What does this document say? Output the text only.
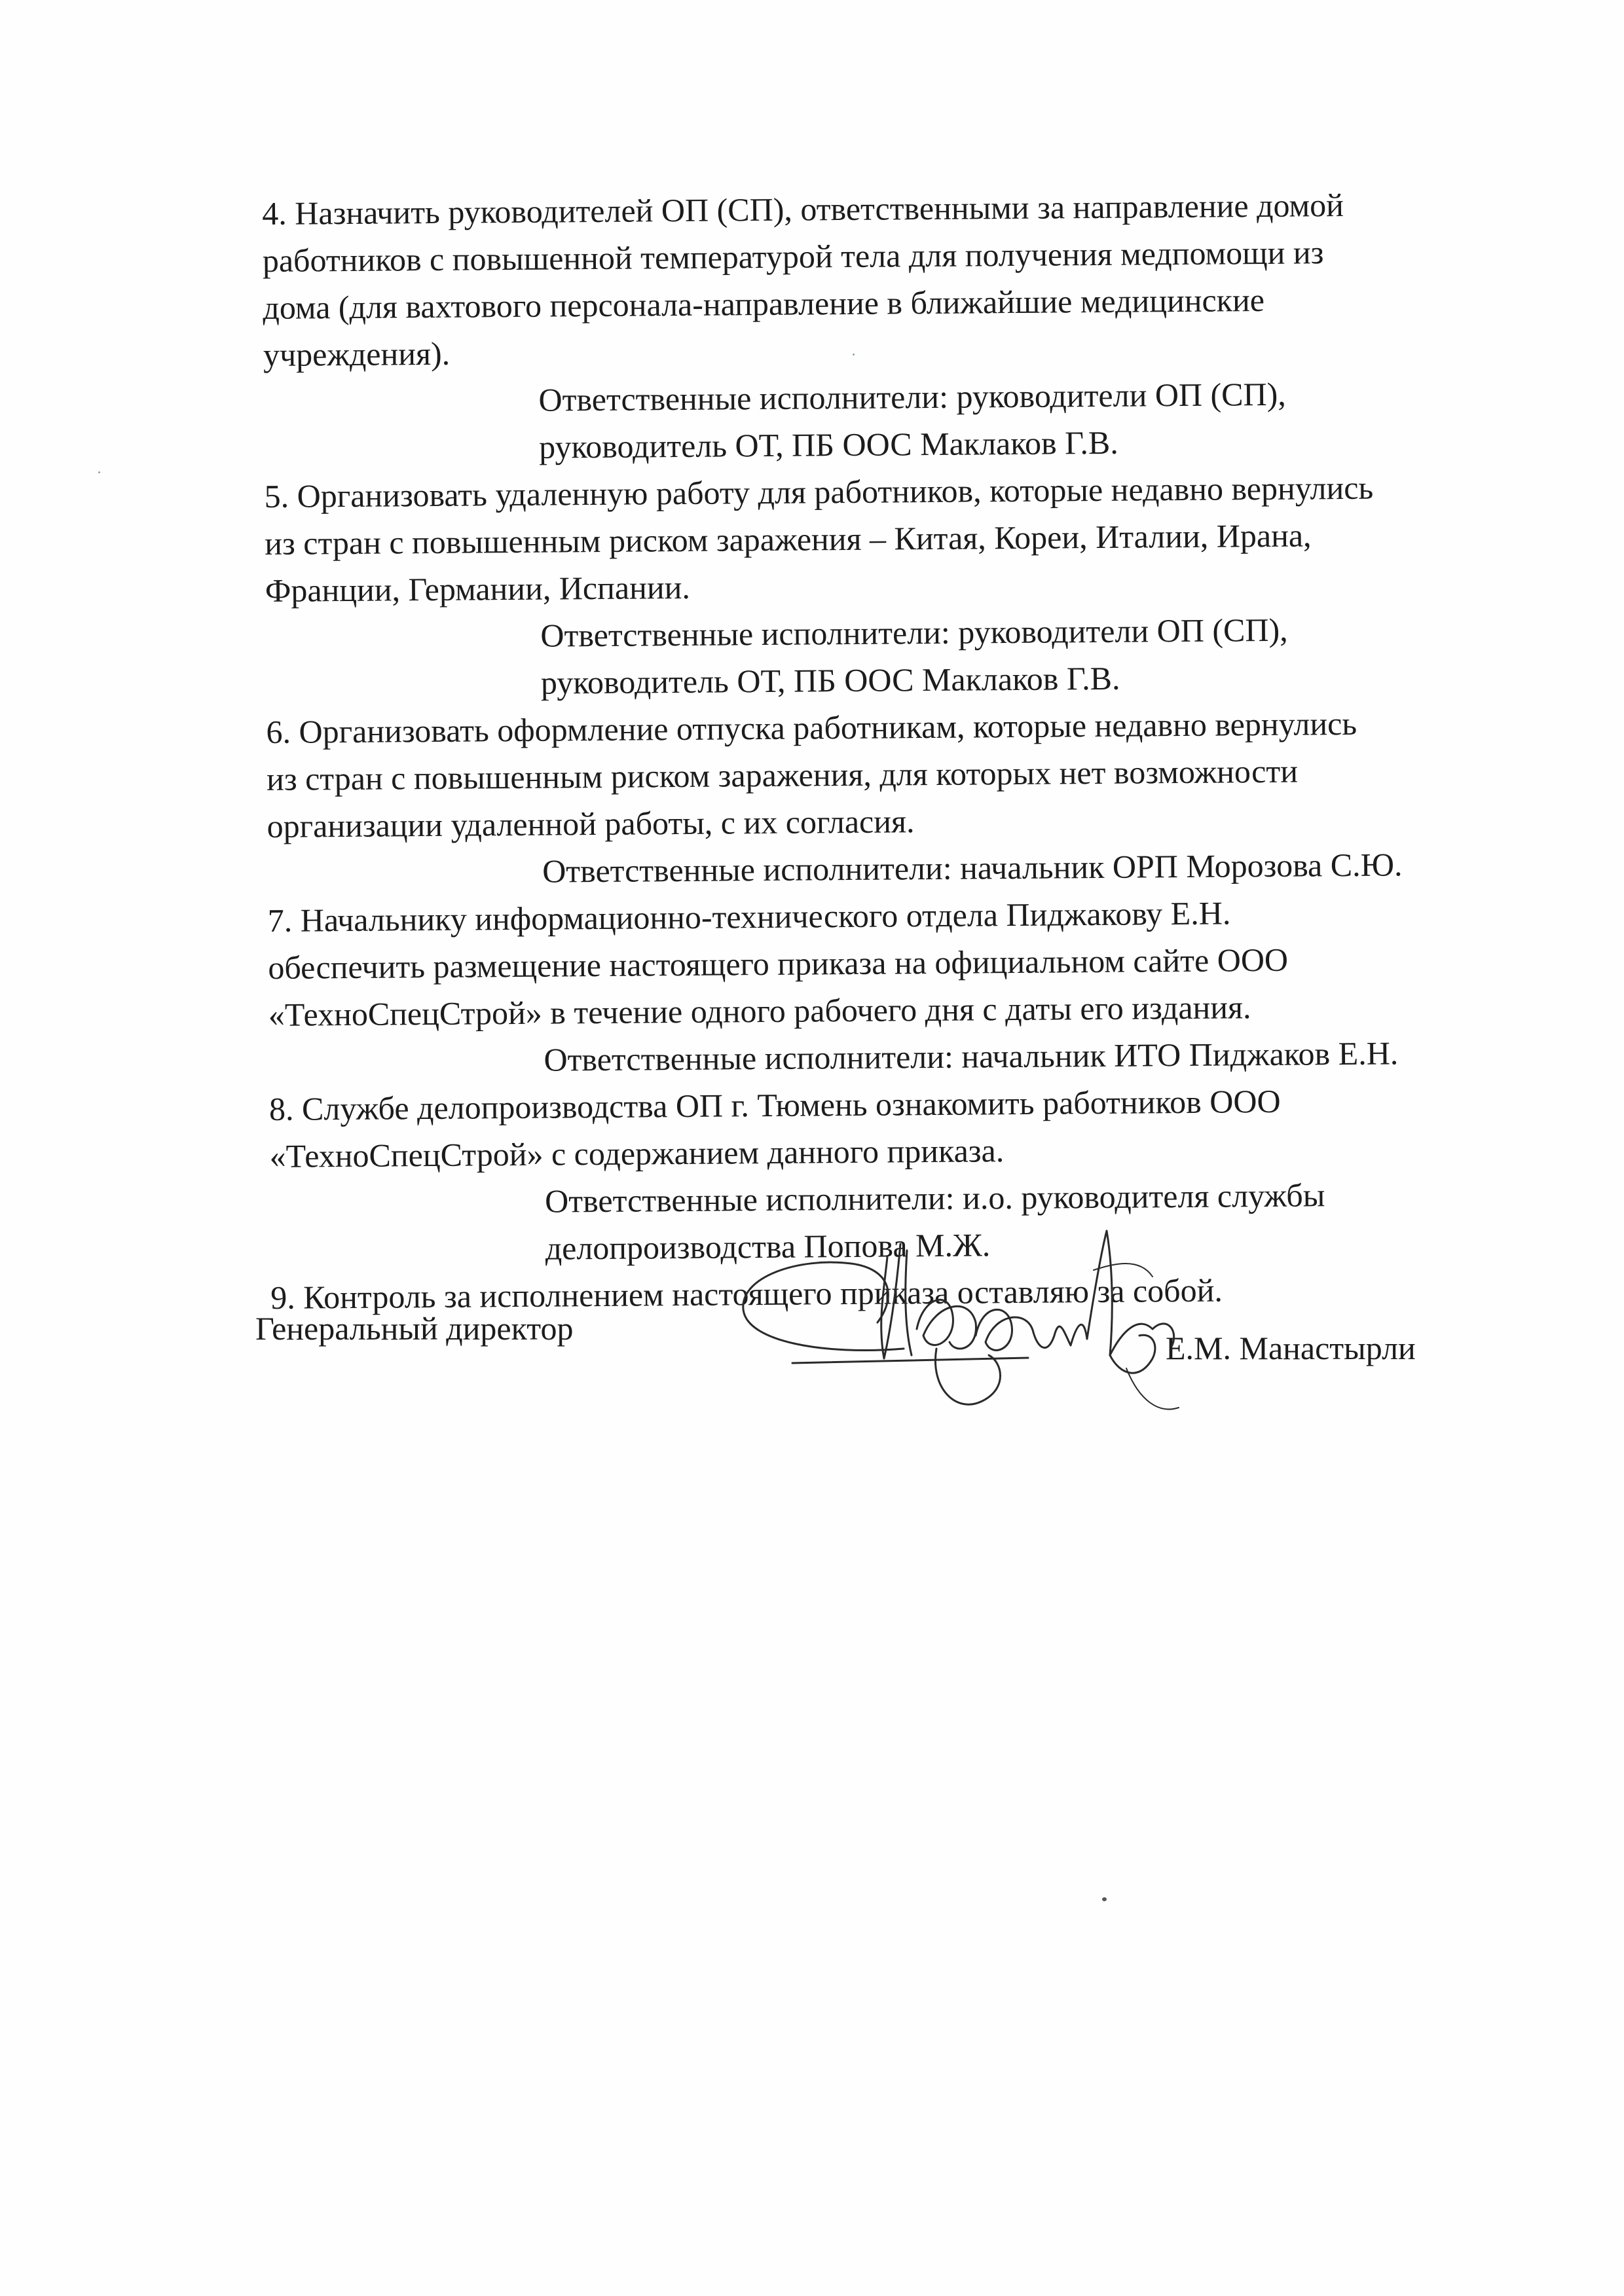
4. Назначить руководителей ОП (СП), ответственными за направление домой
работников с повышенной температурой тела для получения медпомощи из
дома (для вахтового персонала-направление в ближайшие медицинские
учреждения).

Ответственные исполнители: руководители ОП (СП),
руководитель ОТ, ПБ ООС Маклаков Г.В.

5. Организовать удаленную работу для работников, которые недавно вернулись
из стран с повышенным риском заражения – Китая, Кореи, Италии, Ирана,
Франции, Германии, Испании.

Ответственные исполнители: руководители ОП (СП),
руководитель ОТ, ПБ ООС Маклаков Г.В.

6. Организовать оформление отпуска работникам, которые недавно вернулись
из стран с повышенным риском заражения, для которых нет возможности
организации удаленной работы, с их согласия.

Ответственные исполнители: начальник ОРП Морозова С.Ю.

7. Начальнику информационно-технического отдела Пиджакову Е.Н.
обеспечить размещение настоящего приказа на официальном сайте ООО
«ТехноСпецСтрой» в течение одного рабочего дня с даты его издания.

Ответственные исполнители: начальник ИТО Пиджаков Е.Н.

8. Службе делопроизводства ОП г. Тюмень ознакомить работников ООО
«ТехноСпецСтрой» с содержанием данного приказа.

Ответственные исполнители: и.о. руководителя службы
делопроизводства Попова М.Ж.

9. Контроль за исполнением настоящего приказа оставляю за собой.

Генеральный директор
Е.М. Манастырли
